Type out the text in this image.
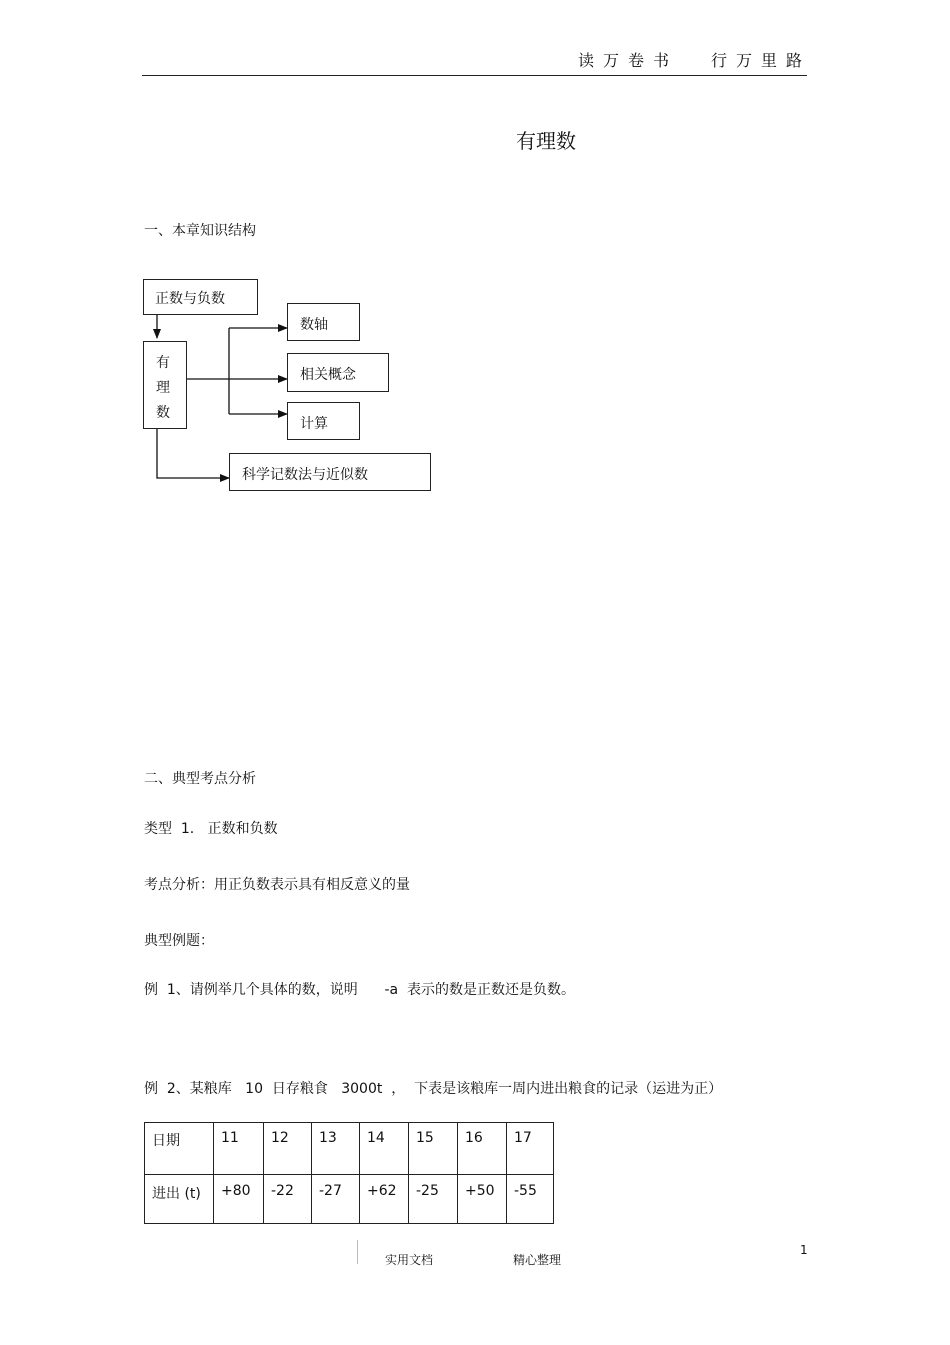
读万卷书 行万里路
有理数
一、本章知识结构
正数与负数
有
理
数
数轴
相关概念
计算
科学记数法与近似数
二、典型考点分析
类型  1.   正数和负数
考点分析：用正负数表示具有相反意义的量
典型例题：
例  1、请例举几个具体的数，说明      -a  表示的数是正数还是负数。
例  2、某粮库   10  日存粮食   3000t  ，  下表是该粮库一周内进出粮食的记录（运进为正）
日期	11	12	13	14	15	16	17
进出 (t)	+80	-22	-27	+62	-25	+50	-55
实用文档	精心整理
1
